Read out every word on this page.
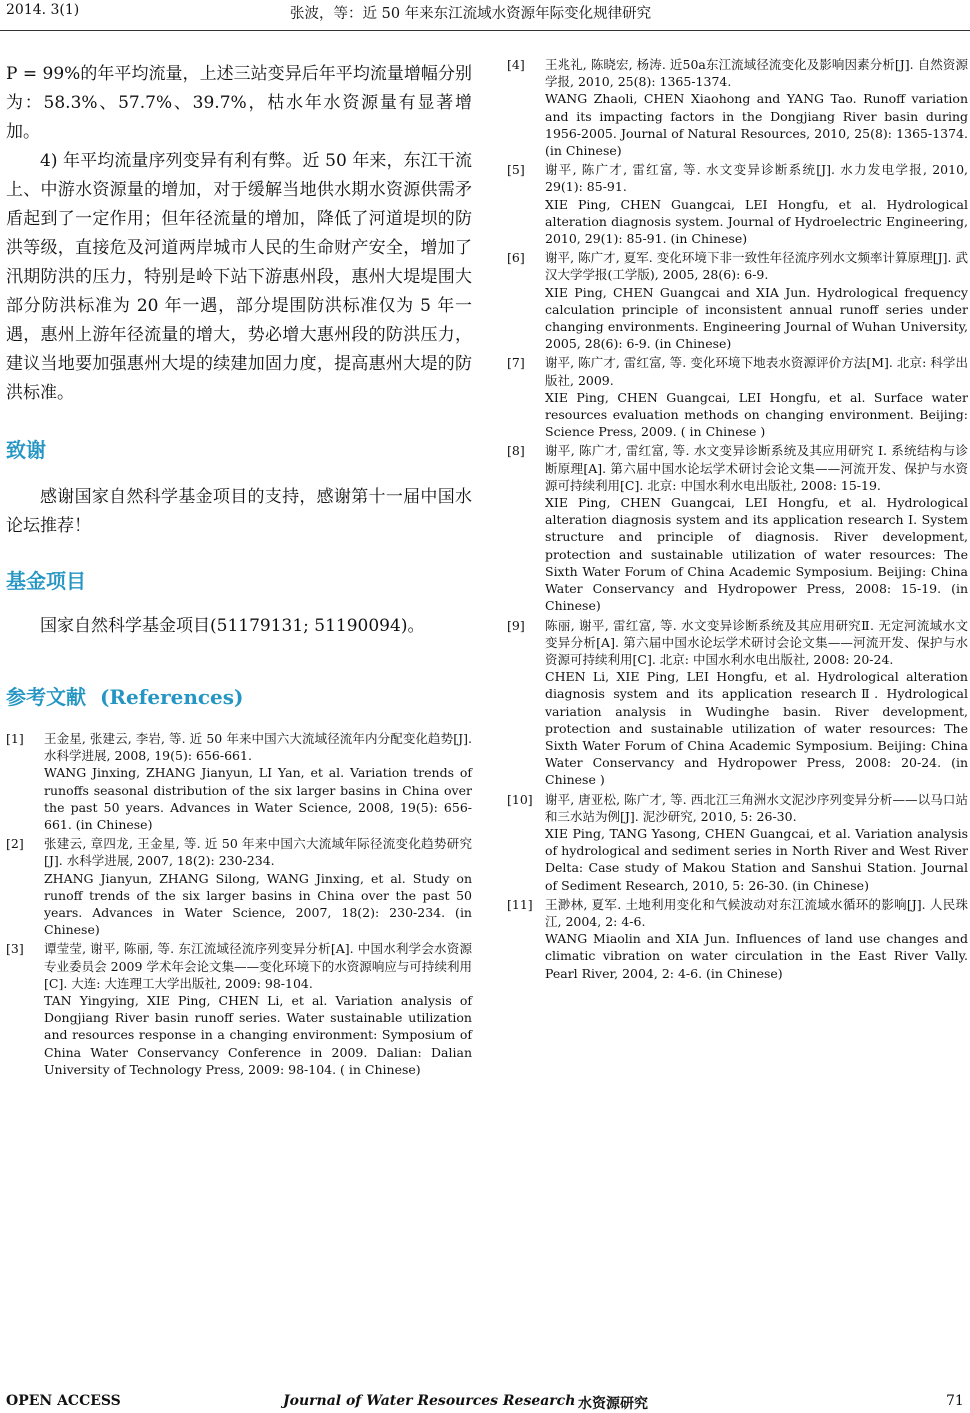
2014. 3(1)	张波，等：近 50 年来东江流域水资源年际变化规律研究

P = 99%的年平均流量，上述三站变异后年平均流量增幅分别为：58.3%、57.7%、39.7%，枯水年水资源量有显著增加。

4) 年平均流量序列变异有利有弊。近 50 年来，东江干流上、中游水资源量的增加，对于缓解当地供水期水资源供需矛盾起到了一定作用；但年径流量的增加，降低了河道堤坝的防洪等级，直接危及河道两岸城市人民的生命财产安全，增加了汛期防洪的压力，特别是岭下站下游惠州段，惠州大堤堤围大部分防洪标准为 20 年一遇，部分堤围防洪标准仅为 5 年一遇，惠州上游年径流量的增大，势必增大惠州段的防洪压力，建议当地要加强惠州大堤的续建加固力度，提高惠州大堤的防洪标准。

致谢

感谢国家自然科学基金项目的支持，感谢第十一届中国水论坛推荐！

基金项目

国家自然科学基金项目(51179131; 51190094)。

参考文献 (References)
[1] 王金星, 张建云, 李岩, 等. 近 50 年来中国六大流域径流年内分配变化趋势[J]. 水科学进展, 2008, 19(5): 656-661.
WANG Jinxing, ZHANG Jianyun, LI Yan, et al. Variation trends of runoffs seasonal distribution of the six larger basins in China over the past 50 years. Advances in Water Science, 2008, 19(5): 656-661. (in Chinese)
[2] 张建云, 章四龙, 王金星, 等. 近 50 年来中国六大流域年际径流变化趋势研究[J]. 水科学进展, 2007, 18(2): 230-234.
ZHANG Jianyun, ZHANG Silong, WANG Jinxing, et al. Study on runoff trends of the six larger basins in China over the past 50 years. Advances in Water Science, 2007, 18(2): 230-234. (in Chinese)
[3] 谭莹莹, 谢平, 陈丽, 等. 东江流域径流序列变异分析[A]. 中国水利学会水资源专业委员会 2009 学术年会论文集——变化环境下的水资源响应与可持续利用[C]. 大连: 大连理工大学出版社, 2009: 98-104.
TAN Yingying, XIE Ping, CHEN Li, et al. Variation analysis of Dongjiang River basin runoff series. Water sustainable utilization and resources response in a changing environment: Symposium of China Water Conservancy Conference in 2009. Dalian: Dalian University of Technology Press, 2009: 98-104. ( in Chinese)
[4] 王兆礼, 陈晓宏, 杨涛. 近50a东江流域径流变化及影响因素分析[J]. 自然资源学报, 2010, 25(8): 1365-1374.
WANG Zhaoli, CHEN Xiaohong and YANG Tao. Runoff variation and its impacting factors in the Dongjiang River basin during 1956-2005. Journal of Natural Resources, 2010, 25(8): 1365-1374. (in Chinese)
[5] 谢平, 陈广才, 雷红富, 等. 水文变异诊断系统[J]. 水力发电学报, 2010, 29(1): 85-91.
XIE Ping, CHEN Guangcai, LEI Hongfu, et al. Hydrological alteration diagnosis system. Journal of Hydroelectric Engineering, 2010, 29(1): 85-91. (in Chinese)
[6] 谢平, 陈广才, 夏军. 变化环境下非一致性年径流序列水文频率计算原理[J]. 武汉大学学报(工学版), 2005, 28(6): 6-9.
XIE Ping, CHEN Guangcai and XIA Jun. Hydrological frequency calculation principle of inconsistent annual runoff series under changing environments. Engineering Journal of Wuhan University, 2005, 28(6): 6-9. (in Chinese)
[7] 谢平, 陈广才, 雷红富, 等. 变化环境下地表水资源评价方法[M]. 北京: 科学出版社, 2009.
XIE Ping, CHEN Guangcai, LEI Hongfu, et al. Surface water resources evaluation methods on changing environment. Beijing: Science Press, 2009. ( in Chinese )
[8] 谢平, 陈广才, 雷红富, 等. 水文变异诊断系统及其应用研究 I. 系统结构与诊断原理[A]. 第六届中国水论坛学术研讨会论文集——河流开发、保护与水资源可持续利用[C]. 北京: 中国水利水电出版社, 2008: 15-19.
XIE Ping, CHEN Guangcai, LEI Hongfu, et al. Hydrological alteration diagnosis system and its application research I. System structure and principle of diagnosis. River development, protection and sustainable utilization of water resources: The Sixth Water Forum of China Academic Symposium. Beijing: China Water Conservancy and Hydropower Press, 2008: 15-19. (in Chinese)
[9] 陈丽, 谢平, 雷红富, 等. 水文变异诊断系统及其应用研究Ⅱ. 无定河流域水文变异分析[A]. 第六届中国水论坛学术研讨会论文集——河流开发、保护与水资源可持续利用[C]. 北京: 中国水利水电出版社, 2008: 20-24.
CHEN Li, XIE Ping, LEI Hongfu, et al. Hydrological alteration diagnosis system and its application researchⅡ. Hydrological variation analysis in Wudinghe basin. River development, protection and sustainable utilization of water resources: The Sixth Water Forum of China Academic Symposium. Beijing: China Water Conservancy and Hydropower Press, 2008: 20-24. (in Chinese )
[10] 谢平, 唐亚松, 陈广才, 等. 西北江三角洲水文泥沙序列变异分析——以马口站和三水站为例[J]. 泥沙研究, 2010, 5: 26-30.
XIE Ping, TANG Yasong, CHEN Guangcai, et al. Variation analysis of hydrological and sediment series in North River and West River Delta: Case study of Makou Station and Sanshui Station. Journal of Sediment Research, 2010, 5: 26-30. (in Chinese)
[11] 王渺林, 夏军. 土地利用变化和气候波动对东江流域水循环的影响[J]. 人民珠江, 2004, 2: 4-6.
WANG Miaolin and XIA Jun. Influences of land use changes and climatic vibration on water circulation in the East River Vally. Pearl River, 2004, 2: 4-6. (in Chinese)
OPEN ACCESS	Journal of Water Resources Research 水资源研究	71
